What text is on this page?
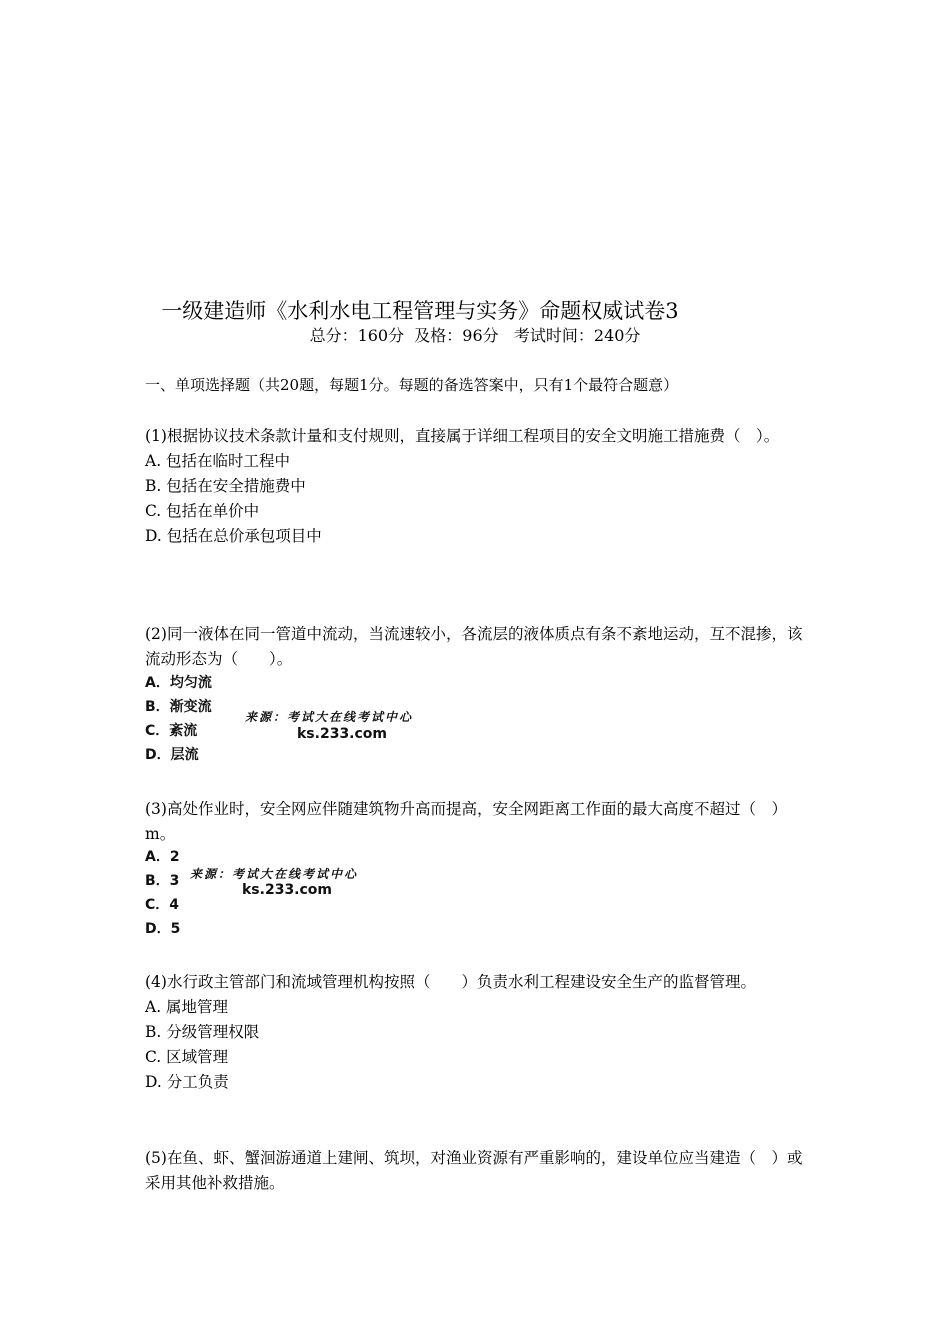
一级建造师《水利水电工程管理与实务》命题权威试卷3
总分：160分  及格：96分   考试时间：240分
一、单项选择题（共20题，每题1分。每题的备选答案中，只有1个最符合题意）

(1)根据协议技术条款计量和支付规则，直接属于详细工程项目的安全文明施工措施费（　）。

A. 包括在临时工程中

B. 包括在安全措施费中

C. 包括在单价中

D. 包括在总价承包项目中

(2)同一液体在同一管道中流动，当流速较小，各流层的液体质点有条不紊地运动，互不混掺，该流动形态为（　　）。

A．均匀流
B．渐变流
C．紊流
D．层流
来源：考试大在线考试中心
ks.233.com

(3)高处作业时，安全网应伴随建筑物升高而提高，安全网距离工作面的最大高度不超过（　）m。

A．2
B．3
C．4
D．5
来源：考试大在线考试中心
ks.233.com

(4)水行政主管部门和流域管理机构按照（　　）负责水利工程建设安全生产的监督管理。

A. 属地管理

B. 分级管理权限

C. 区域管理

D. 分工负责

(5)在鱼、虾、蟹洄游通道上建闸、筑坝，对渔业资源有严重影响的，建设单位应当建造（　）或采用其他补救措施。
